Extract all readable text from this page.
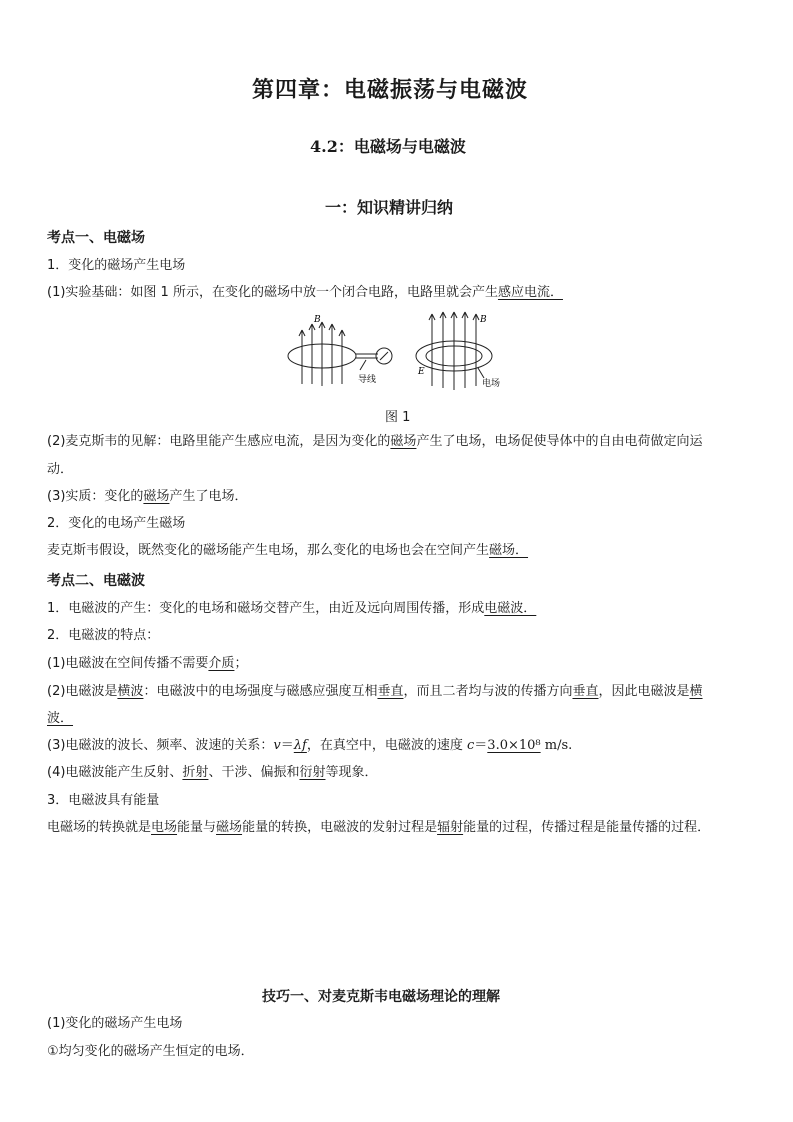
第四章：电磁振荡与电磁波
4.2：电磁场与电磁波
一：知识精讲归纳
考点一、电磁场
1．变化的磁场产生电场
(1)实验基础：如图 1 所示，在变化的磁场中放一个闭合电路，电路里就会产生感应电流．
B	B
导线
E
电场
图 1
(2)麦克斯韦的见解：电路里能产生感应电流，是因为变化的磁场产生了电场，电场促使导体中的自由电荷做定向运
动．
(3)实质：变化的磁场产生了电场．
2．变化的电场产生磁场
麦克斯韦假设，既然变化的磁场能产生电场，那么变化的电场也会在空间产生磁场．
考点二、电磁波
1．电磁波的产生：变化的电场和磁场交替产生，由近及远向周围传播，形成电磁波．
2．电磁波的特点：
(1)电磁波在空间传播不需要介质；
(2)电磁波是横波：电磁波中的电场强度与磁感应强度互相垂直，而且二者均与波的传播方向垂直，因此电磁波是横
波．
(3)电磁波的波长、频率、波速的关系：v＝λf，在真空中，电磁波的速度 c＝3.0×10⁸ m/s.
(4)电磁波能产生反射、折射、干涉、偏振和衍射等现象．
3．电磁波具有能量
电磁场的转换就是电场能量与磁场能量的转换，电磁波的发射过程是辐射能量的过程，传播过程是能量传播的过程．
技巧一、对麦克斯韦电磁场理论的理解
(1)变化的磁场产生电场
①均匀变化的磁场产生恒定的电场．
